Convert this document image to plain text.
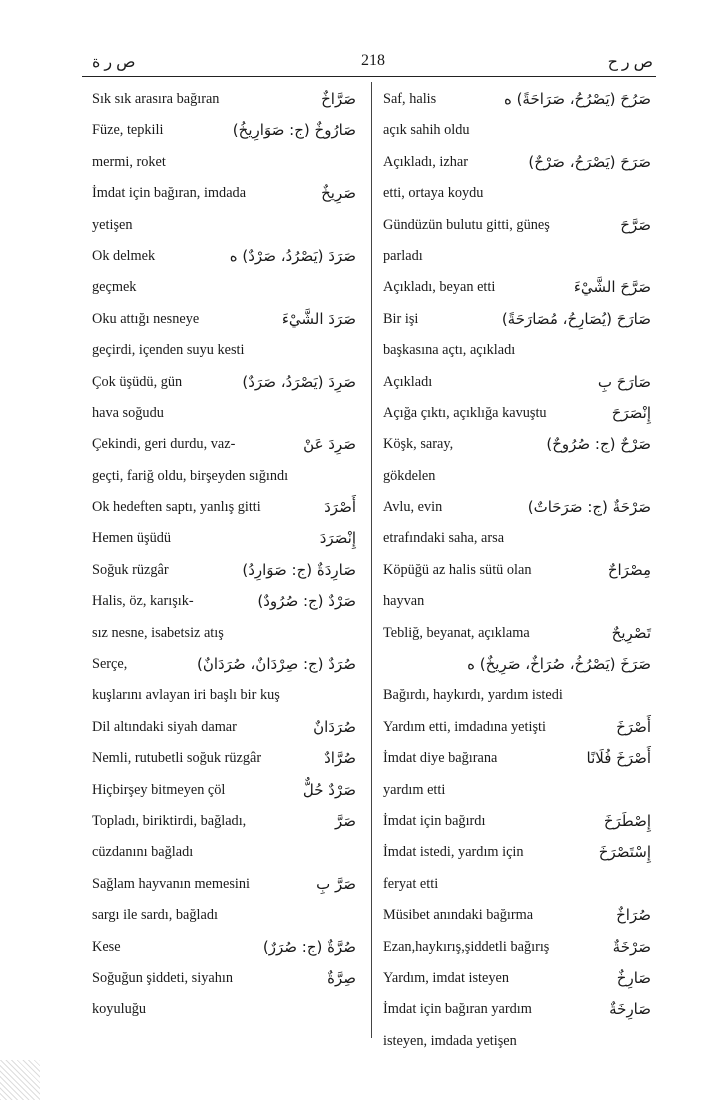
ص ر ة	218	ص ر ح
Sık sık arasıra bağıran	صَرَّاخٌ
Füze, tepkili	صَارُوخٌ (ج: صَوَارِيخُ)
mermi, roket
İmdat için bağıran, imdada	صَرِيخٌ
yetişen
Ok delmek	صَرَدَ (يَصْرُدُ، صَرْدٌ) ه
geçmek
Oku attığı nesneye	صَرَدَ الشَّيْءَ
geçirdi, içenden suyu kesti
Çok üşüdü, gün	صَرِدَ (يَصْرَدُ، صَرَدٌ)
hava soğudu
Çekindi, geri durdu, vaz-	صَرِدَ عَنْ
geçti, fariğ oldu, birşeyden sığındı
Ok hedeften saptı, yanlış gitti	أَصْرَدَ
Hemen üşüdü	إِنْصَرَدَ
Soğuk rüzgâr	صَارِدَةٌ (ج: صَوَارِدُ)
Halis, öz, karışık-	صَرْدٌ (ج: صُرُودٌ)
sız nesne, isabetsiz atış
Serçe,	صُرَدٌ (ج: صِرْدَانٌ، صُرَدَانٌ)
kuşlarını avlayan iri başlı bir kuş
Dil altındaki siyah damar	صُرَدَانٌ
Nemli, rutubetli soğuk rüzgâr	صُرَّادٌ
Hiçbirşey bitmeyen çöl	صَرْدٌ حُلٌّ
Topladı, biriktirdi, bağladı,	صَرَّ
cüzdanını bağladı
Sağlam hayvanın memesini	صَرَّ بِ
sargı ile sardı, bağladı
Kese	صُرَّةٌ (ج: صُرَرٌ)
Soğuğun şiddeti, siyahın	صِرَّةٌ
koyuluğu
Saf, halis	صَرُحَ (يَصْرُحُ، صَرَاحَةً) ه
açık sahih oldu
Açıkladı, izhar	صَرَحَ (يَصْرَحُ، صَرْحٌ)
etti, ortaya koydu
Gündüzün bulutu gitti, güneş	صَرَّحَ
parladı
Açıkladı, beyan etti	صَرَّحَ الشَّيْءَ
Bir işi	صَارَحَ (يُصَارِحُ، مُصَارَحَةً)
başkasına açtı, açıkladı
Açıkladı	صَارَحَ بِ
Açığa çıktı, açıklığa kavuştu	إِنْصَرَحَ
Köşk, saray,	صَرْحٌ (ج: صُرُوحٌ)
gökdelen
Avlu, evin	صَرْحَةٌ (ج: صَرَحَاتٌ)
etrafındaki saha, arsa
Köpüğü az halis sütü olan	مِصْرَاحٌ
hayvan
Tebliğ, beyanat, açıklama	تَصْرِيحٌ
صَرَخَ (يَصْرُخُ، صُرَاخٌ، صَرِيخٌ) ه
Bağırdı, haykırdı, yardım istedi
Yardım etti, imdadına yetişti	أَصْرَخَ
İmdat diye bağırana	أَصْرَخَ فُلَانًا
yardım etti
İmdat için bağırdı	إِصْطَرَخَ
İmdat istedi, yardım için	إِسْتَصْرَخَ
feryat etti
Müsibet anındaki bağırma	صُرَاخٌ
Ezan,haykırış,şiddetli bağırış	صَرْخَةٌ
Yardım, imdat isteyen	صَارِخٌ
İmdat için bağıran yardım	صَارِخَةٌ
isteyen, imdada yetişen
